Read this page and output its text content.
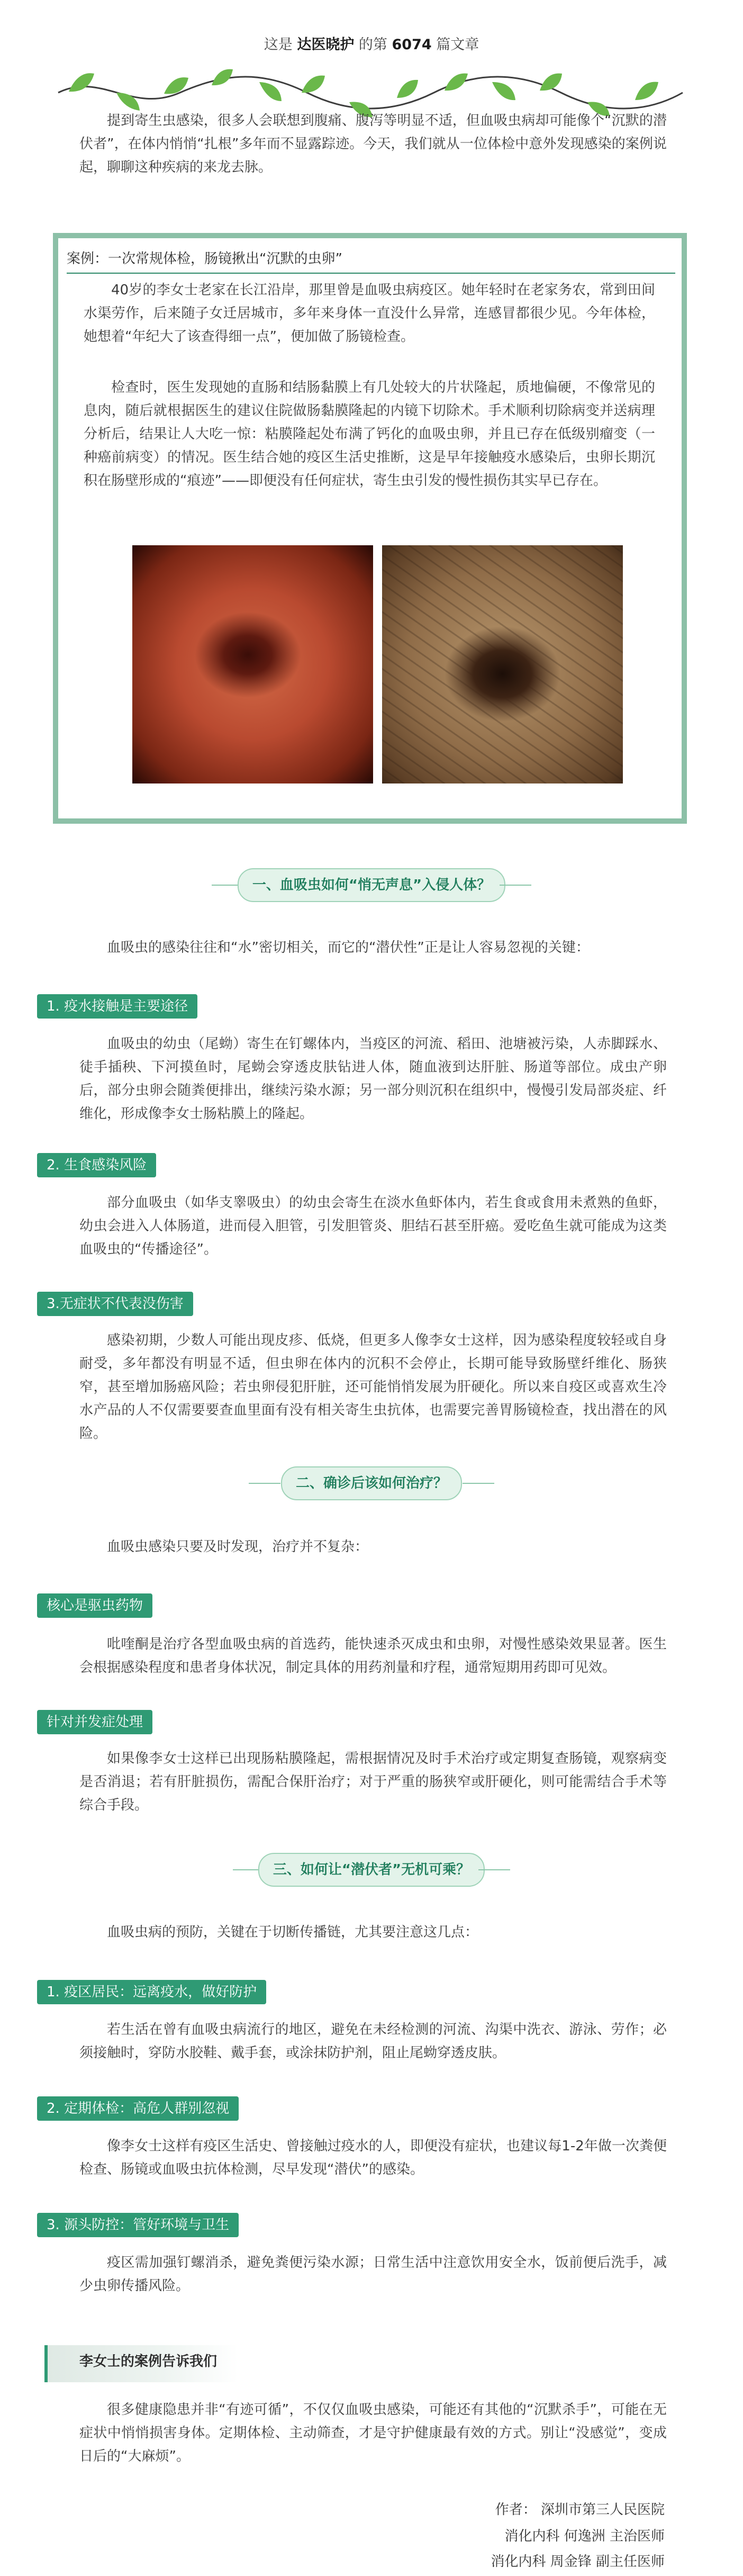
这是 达医晓护 的第 6074 篇文章

提到寄生虫感染，很多人会联想到腹痛、腹泻等明显不适，但血吸虫病却可能像个“沉默的潜伏者”，在体内悄悄“扎根”多年而不显露踪迹。今天，我们就从一位体检中意外发现感染的案例说起，聊聊这种疾病的来龙去脉。

案例：一次常规体检，肠镜揪出“沉默的虫卵”

40岁的李女士老家在长江沿岸，那里曾是血吸虫病疫区。她年轻时在老家务农，常到田间水渠劳作，后来随子女迁居城市，多年来身体一直没什么异常，连感冒都很少见。今年体检，她想着“年纪大了该查得细一点”，便加做了肠镜检查。

检查时，医生发现她的直肠和结肠黏膜上有几处较大的片状隆起，质地偏硬，不像常见的息肉，随后就根据医生的建议住院做肠黏膜隆起的内镜下切除术。手术顺利切除病变并送病理分析后，结果让人大吃一惊：粘膜隆起处布满了钙化的血吸虫卵，并且已存在低级别瘤变（一种癌前病变）的情况。医生结合她的疫区生活史推断，这是早年接触疫水感染后，虫卵长期沉积在肠壁形成的“痕迹”——即便没有任何症状，寄生虫引发的慢性损伤其实早已存在。

一、血吸虫如何“悄无声息”入侵人体？

血吸虫的感染往往和“水”密切相关，而它的“潜伏性”正是让人容易忽视的关键：

1. 疫水接触是主要途径

血吸虫的幼虫（尾蚴）寄生在钉螺体内，当疫区的河流、稻田、池塘被污染，人赤脚踩水、徒手插秧、下河摸鱼时，尾蚴会穿透皮肤钻进人体，随血液到达肝脏、肠道等部位。成虫产卵后，部分虫卵会随粪便排出，继续污染水源；另一部分则沉积在组织中，慢慢引发局部炎症、纤维化，形成像李女士肠粘膜上的隆起。

2. 生食感染风险

部分血吸虫（如华支睾吸虫）的幼虫会寄生在淡水鱼虾体内，若生食或食用未煮熟的鱼虾，幼虫会进入人体肠道，进而侵入胆管，引发胆管炎、胆结石甚至肝癌。爱吃鱼生就可能成为这类血吸虫的“传播途径”。

3.无症状不代表没伤害

感染初期，少数人可能出现皮疹、低烧，但更多人像李女士这样，因为感染程度较轻或自身耐受，多年都没有明显不适，但虫卵在体内的沉积不会停止，长期可能导致肠壁纤维化、肠狭窄，甚至增加肠癌风险；若虫卵侵犯肝脏，还可能悄悄发展为肝硬化。所以来自疫区或喜欢生冷水产品的人不仅需要要查血里面有没有相关寄生虫抗体，也需要完善胃肠镜检查，找出潜在的风险。

二、确诊后该如何治疗？

血吸虫感染只要及时发现，治疗并不复杂：

核心是驱虫药物

吡喹酮是治疗各型血吸虫病的首选药，能快速杀灭成虫和虫卵，对慢性感染效果显著。医生会根据感染程度和患者身体状况，制定具体的用药剂量和疗程，通常短期用药即可见效。

针对并发症处理

如果像李女士这样已出现肠粘膜隆起，需根据情况及时手术治疗或定期复查肠镜，观察病变是否消退；若有肝脏损伤，需配合保肝治疗；对于严重的肠狭窄或肝硬化，则可能需结合手术等综合手段。

三、如何让“潜伏者”无机可乘？

血吸虫病的预防，关键在于切断传播链，尤其要注意这几点：

1. 疫区居民：远离疫水，做好防护

若生活在曾有血吸虫病流行的地区，避免在未经检测的河流、沟渠中洗衣、游泳、劳作；必须接触时，穿防水胶鞋、戴手套，或涂抹防护剂，阻止尾蚴穿透皮肤。

2. 定期体检：高危人群别忽视

像李女士这样有疫区生活史、曾接触过疫水的人，即便没有症状，也建议每1-2年做一次粪便检查、肠镜或血吸虫抗体检测，尽早发现“潜伏”的感染。

3. 源头防控：管好环境与卫生

疫区需加强钉螺消杀，避免粪便污染水源；日常生活中注意饮用安全水，饭前便后洗手，减少虫卵传播风险。

李女士的案例告诉我们

很多健康隐患并非“有迹可循”，不仅仅血吸虫感染，可能还有其他的“沉默杀手”，可能在无症状中悄悄损害身体。定期体检、主动筛查，才是守护健康最有效的方式。别让“没感觉”，变成日后的“大麻烦”。

作者： 深圳市第三人民医院
消化内科 何逸洲 主治医师
消化内科 周金锋 副主任医师
